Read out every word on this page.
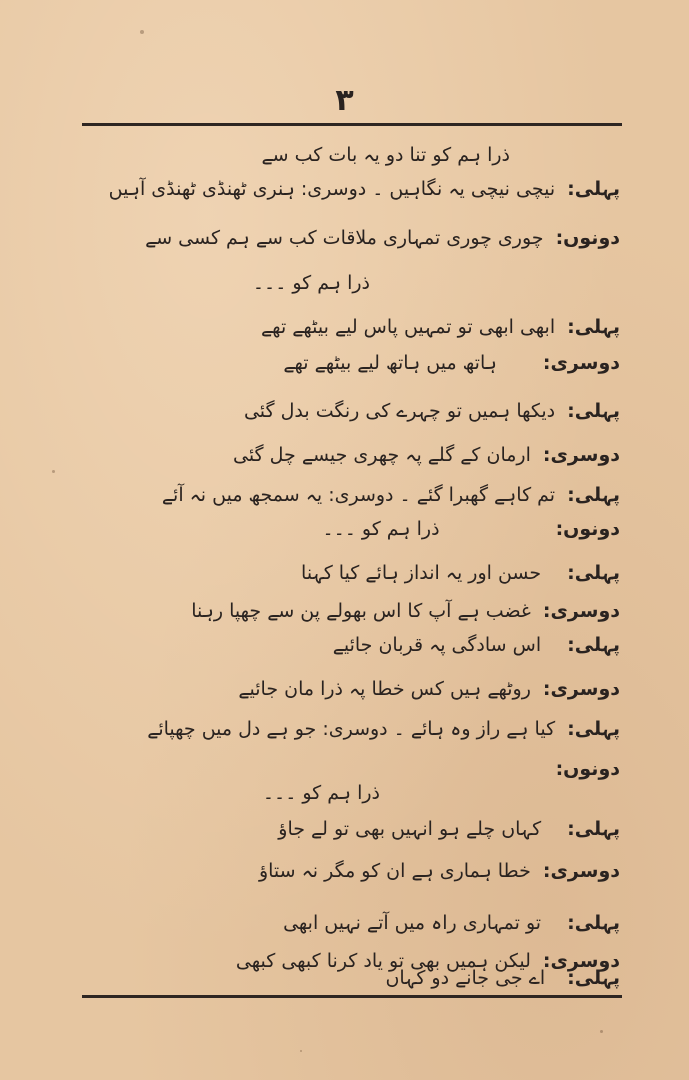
٣
ذرا ہم کو تنا دو یہ بات کب سے
پہلی: نیچی نیچی یہ نگاہیں ۔ دوسری: ہنری ٹھنڈی ٹھنڈی آہیں
دونوں: چوری چوری تمہاری ملاقات کب سے ہم کسی سے
ذرا ہم کو ۔۔۔
پہلی: ابھی ابھی تو تمہیں پاس لیے بیٹھے تھے
دوسری: ہاتھ میں ہاتھ لیے بیٹھے تھے
پہلی: دیکھا ہمیں تو چہرے کی رنگت بدل گئی
دوسری: ارمان کے گلے پہ چھری جیسے چل گئی
پہلی: تم کاہے گھبرا گئے ۔ دوسری: یہ سمجھ میں نہ آئے
دونوں: ذرا ہم کو ۔۔۔
پہلی: حسن اور یہ انداز ہائے کیا کہنا
دوسری: غضب ہے آپ کا اس بھولے پن سے چھپا رہنا
پہلی: اس سادگی پہ قربان جائیے
دوسری: روٹھے ہیں کس خطا پہ ذرا مان جائیے
پہلی: کیا ہے راز وہ ہائے ۔ دوسری: جو ہے دل میں چھپائے
دونوں:
ذرا ہم کو ۔۔۔
پہلی: کہاں چلے ہو انہیں بھی تو لے جاؤ
دوسری: خطا ہماری ہے ان کو مگر نہ ستاؤ
پہلی: تو تمہاری راہ میں آتے نہیں ابھی
دوسری: لیکن ہمیں بھی تو یاد کرنا کبھی کبھی
پہلی: اے جی جانے دو کہاں
